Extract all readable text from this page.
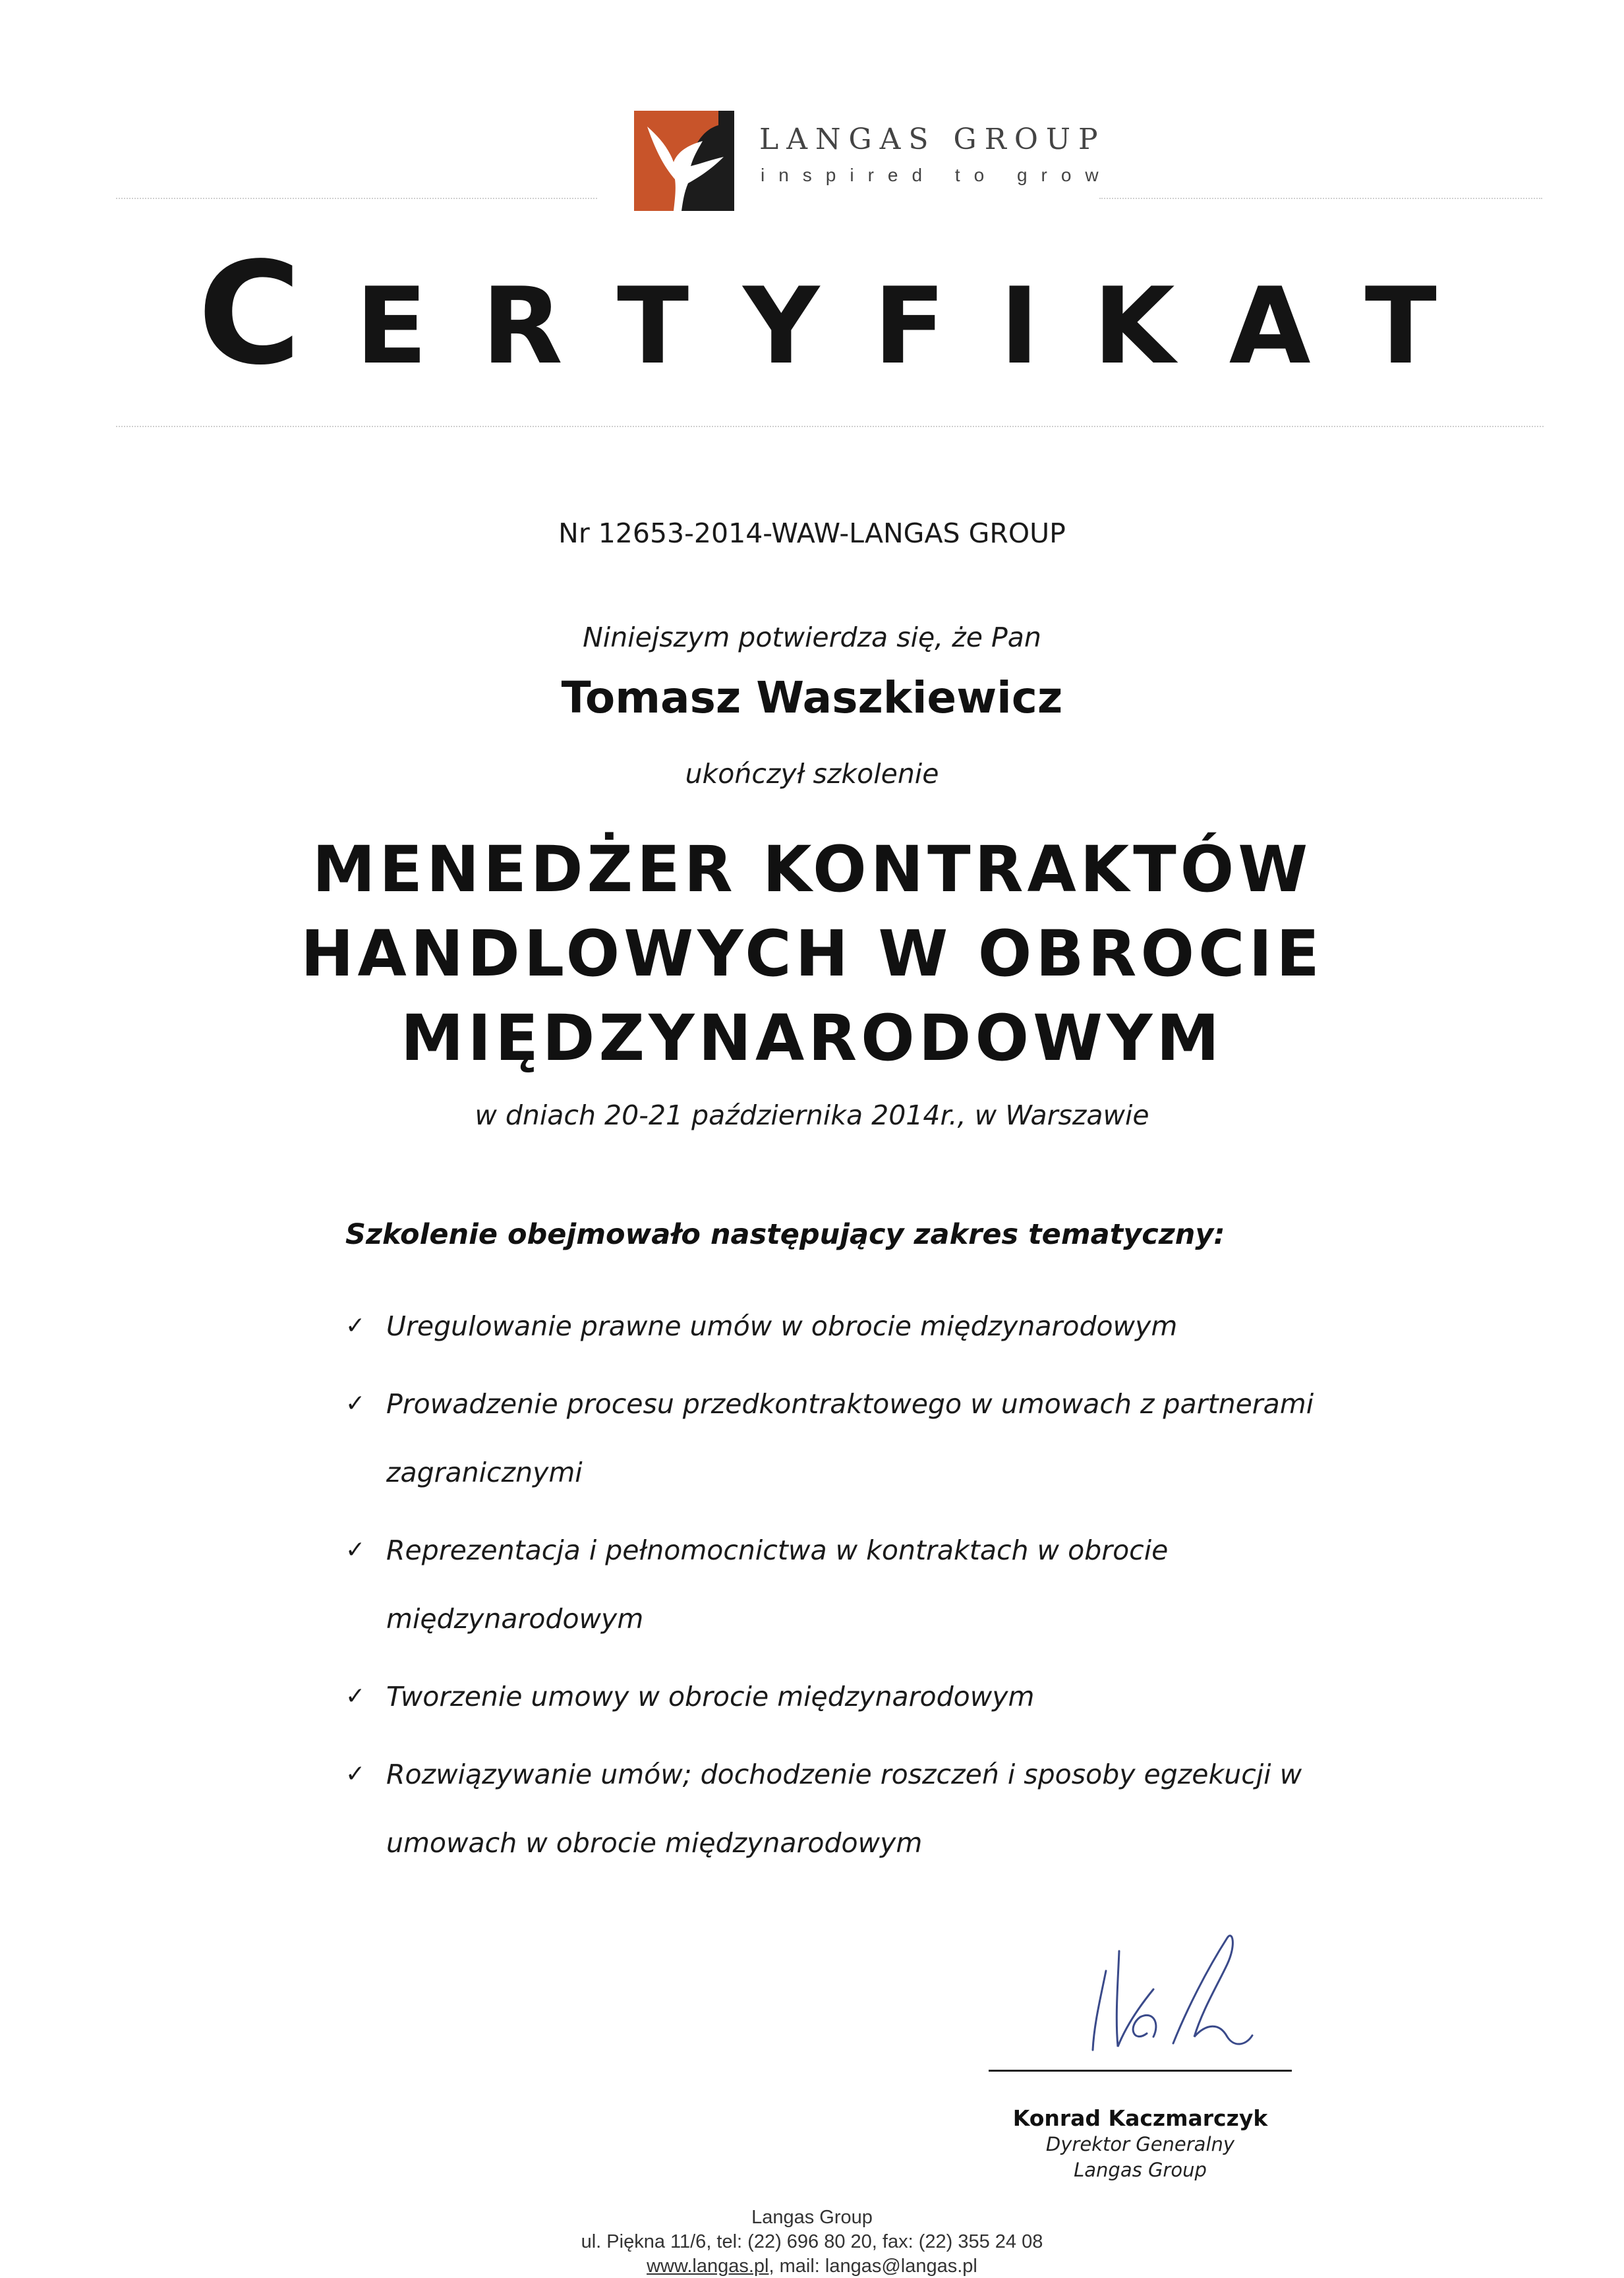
LANGAS GROUP
inspired to grow
C E R T Y F I K A T
Nr 12653-2014-WAW-LANGAS GROUP
Niniejszym potwierdza się, że Pan
Tomasz Waszkiewicz
ukończył szkolenie
MENEDŻER KONTRAKTÓW
HANDLOWYCH W OBROCIE
MIĘDZYNARODOWYM
w dniach 20-21 października 2014r., w Warszawie
Szkolenie obejmowało następujący zakres tematyczny:
✓ Uregulowanie prawne umów w obrocie międzynarodowym
✓ Prowadzenie procesu przedkontraktowego w umowach z partnerami zagranicznymi
✓ Reprezentacja i pełnomocnictwa w kontraktach w obrocie międzynarodowym
✓ Tworzenie umowy w obrocie międzynarodowym
✓ Rozwiązywanie umów; dochodzenie roszczeń i sposoby egzekucji w umowach w obrocie międzynarodowym
Konrad Kaczmarczyk
Dyrektor Generalny
Langas Group
Langas Group
ul. Piękna 11/6, tel: (22) 696 80 20, fax: (22) 355 24 08
www.langas.pl, mail: langas@langas.pl
